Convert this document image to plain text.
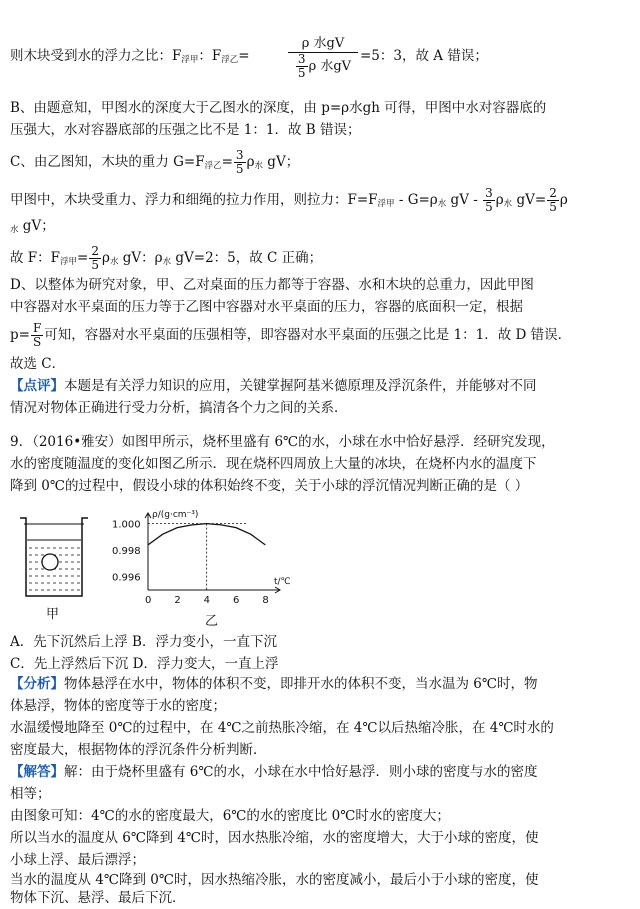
则木块受到水的浮力之比：$F_{浮甲}$：$F_{浮乙}=$
ρ 水gV
$\frac{3}{5}$ ρ 水gV
=5：3，故 A 错误；
B、由题意知，甲图水的深度大于乙图水的深度，由 p=ρ水gh 可得，甲图中水对容器底的
压强大，水对容器底部的压强之比不是 1：1．故 B 错误；
C、由乙图知，木块的重力 $G=F_{浮乙}= \frac{3}{5} \rho_水$ gV；
甲图中，木块受重力、浮力和细绳的拉力作用，则拉力：$F=F_{浮甲} - G=\rho_水$ gV - $\frac{3}{5} \rho_水$ $gV= \frac{2}{5}$ ρ
$_水$ gV；
故 F：$F_{浮甲}= \frac{2}{5} \rho_水$ gV：$\rho_水$ gV=2：5，故 C 正确；
D、以整体为研究对象，甲、乙对桌面的压力都等于容器、水和木块的总重力，因此甲图
中容器对水平桌面的压力等于乙图中容器对水平桌面的压力，容器的底面积一定，根据
$p= \frac{F}{S}$ 可知，容器对水平桌面的压强相等，即容器对水平桌面的压强之比是 1：1．故 D 错误．
故选 C．
【点评】本题是有关浮力知识的应用，关键掌握阿基米德原理及浮沉条件，并能够对不同
情况对物体正确进行受力分析，搞清各个力之间的关系．
9．（2016•雅安）如图甲所示，烧杯里盛有 6℃的水，小球在水中恰好悬浮．经研究发现，
水的密度随温度的变化如图乙所示．现在烧杯四周放上大量的冰块，在烧杯内水的温度下
降到 0℃的过程中，假设小球的体积始终不变，关于小球的浮沉情况判断正确的是（ ）
甲
0 2 4 6 8
1.000
0.998
0.996
ρ/(g·cm⁻³)
t/℃
乙
A．先下沉然后上浮 B．浮力变小，一直下沉
C．先上浮然后下沉 D．浮力变大，一直上浮
【分析】物体悬浮在水中，物体的体积不变，即排开水的体积不变，当水温为 6℃时，物
体悬浮，物体的密度等于水的密度；
水温缓慢地降至 0℃的过程中，在 4℃之前热胀冷缩，在 4℃以后热缩冷胀，在 4℃时水的
密度最大，根据物体的浮沉条件分析判断．
【解答】解：由于烧杯里盛有 6℃的水，小球在水中恰好悬浮．则小球的密度与水的密度
相等；
由图象可知：4℃的水的密度最大，6℃的水的密度比 0℃时水的密度大；
所以当水的温度从 6℃降到 4℃时，因水热胀冷缩，水的密度增大，大于小球的密度，使
小球上浮、最后漂浮；
当水的温度从 4℃降到 0℃时，因水热缩冷胀，水的密度减小，最后小于小球的密度，使
物体下沉、悬浮、最后下沉．
